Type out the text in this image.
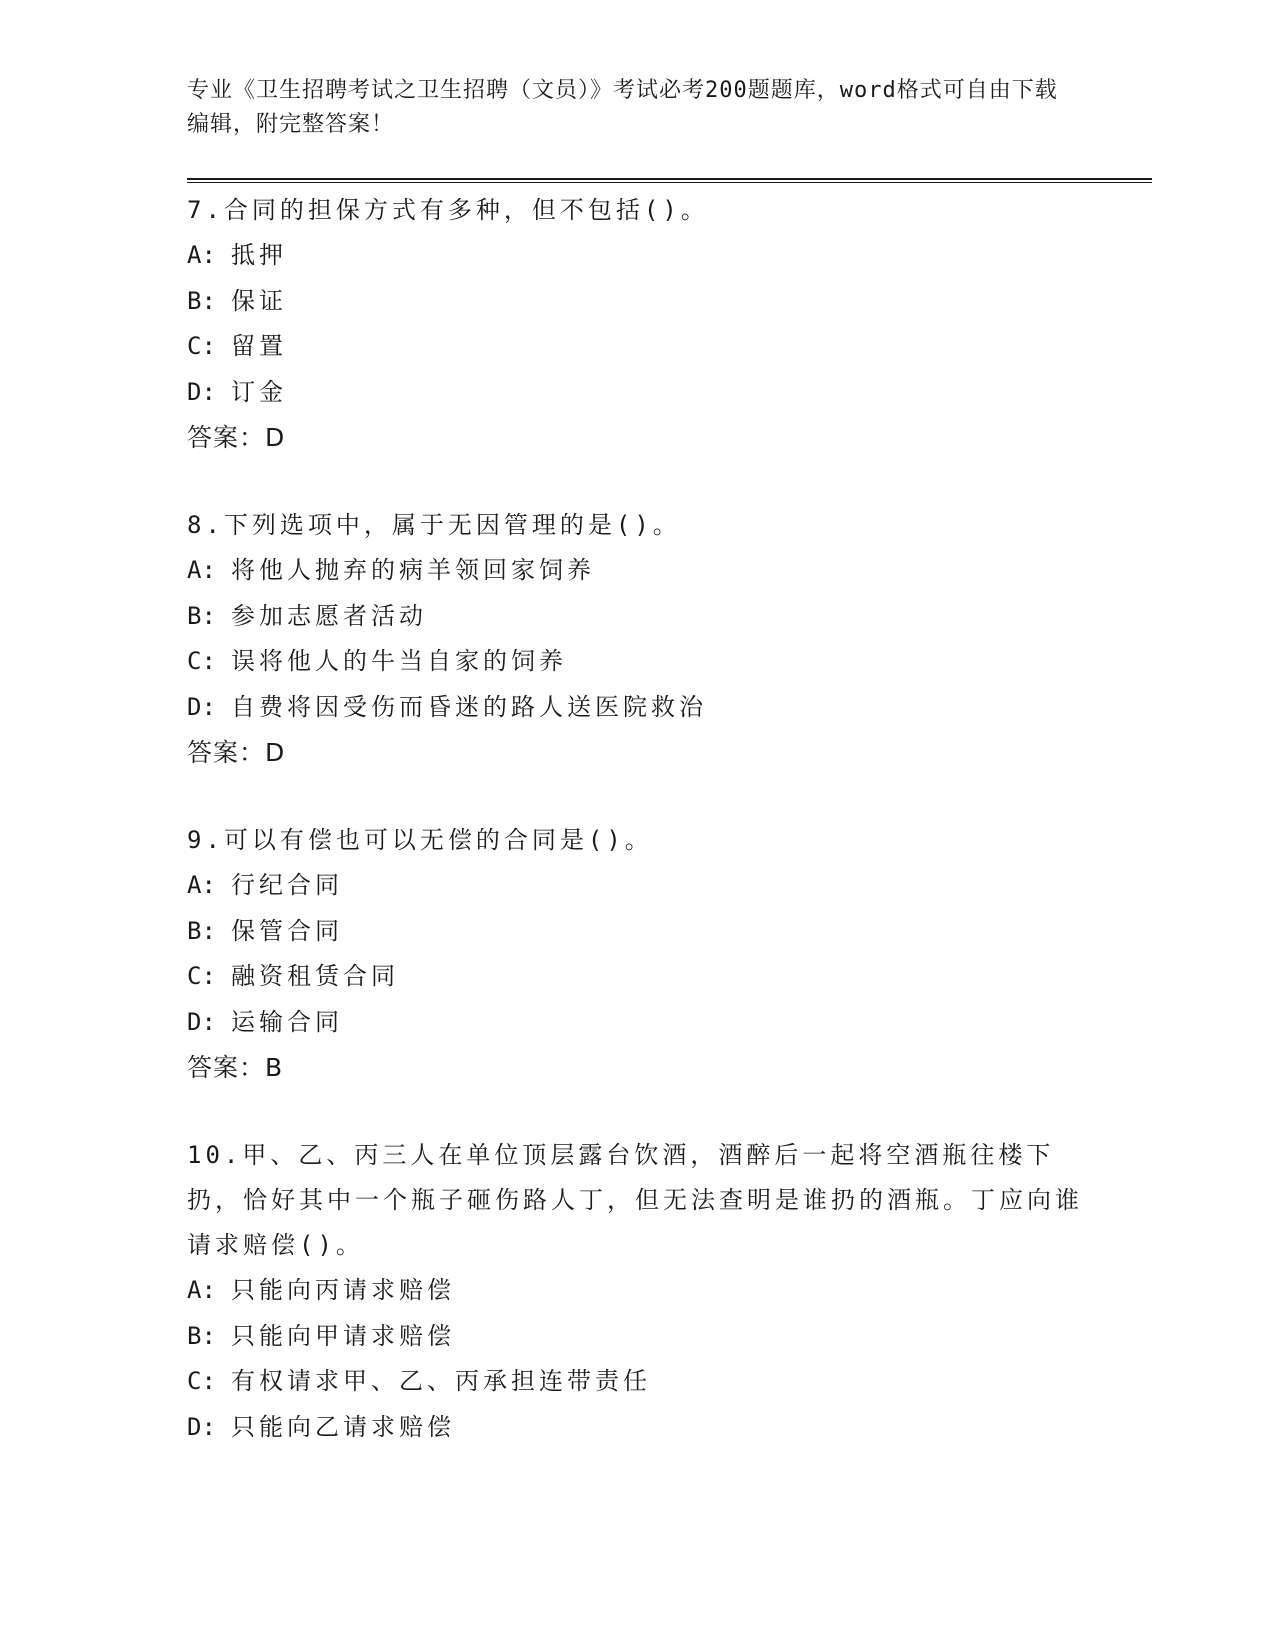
专业《卫生招聘考试之卫生招聘（文员）》考试必考200题题库，word格式可自由下载编辑，附完整答案！

7.合同的担保方式有多种，但不包括()。

A: 抵押

B: 保证

C: 留置

D: 订金

答案：D

8.下列选项中，属于无因管理的是()。

A: 将他人抛弃的病羊领回家饲养

B: 参加志愿者活动

C: 误将他人的牛当自家的饲养

D: 自费将因受伤而昏迷的路人送医院救治

答案：D

9.可以有偿也可以无偿的合同是()。

A: 行纪合同

B: 保管合同

C: 融资租赁合同

D: 运输合同

答案：B

10.甲、乙、丙三人在单位顶层露台饮酒，酒醉后一起将空酒瓶往楼下扔，恰好其中一个瓶子砸伤路人丁，但无法查明是谁扔的酒瓶。丁应向谁请求赔偿()。

A: 只能向丙请求赔偿

B: 只能向甲请求赔偿

C: 有权请求甲、乙、丙承担连带责任

D: 只能向乙请求赔偿
